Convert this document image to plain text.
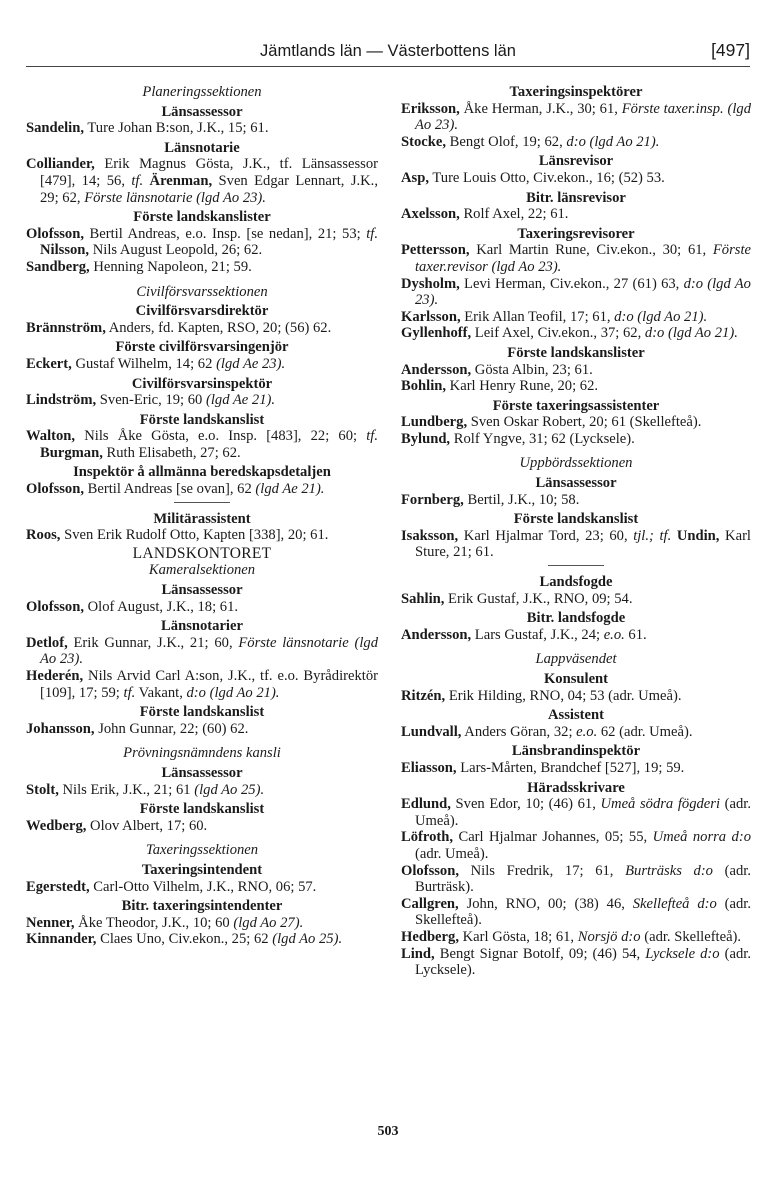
Jämtlands län — Västerbottens län	[497]
Planeringssektionen
Länsassessor
Sandelin, Ture Johan B:son, J.K., 15; 61.
Länsnotarie
Colliander, Erik Magnus Gösta, J.K., tf. Länsassessor [479], 14; 56, tf. Ärenman, Sven Edgar Lennart, J.K., 29; 62, Förste länsnotarie (lgd Ao 23).
Förste landskanslister
Olofsson, Bertil Andreas, e.o. Insp. [se nedan], 21; 53; tf. Nilsson, Nils August Leopold, 26; 62.
Sandberg, Henning Napoleon, 21; 59.
Civilförsvarssektionen
Civilförsvarsdirektör
Brännström, Anders, fd. Kapten, RSO, 20; (56) 62.
Förste civilförsvarsingenjör
Eckert, Gustaf Wilhelm, 14; 62 (lgd Ae 23).
Civilförsvarsinspektör
Lindström, Sven-Eric, 19; 60 (lgd Ae 21).
Förste landskanslist
Walton, Nils Åke Gösta, e.o. Insp. [483], 22; 60; tf. Burgman, Ruth Elisabeth, 27; 62.
Inspektör å allmänna beredskapsdetaljen
Olofsson, Bertil Andreas [se ovan], 62 (lgd Ae 21).
Militärassistent
Roos, Sven Erik Rudolf Otto, Kapten [338], 20; 61.
LANDSKONTORET
Kameralsektionen
Länsassessor
Olofsson, Olof August, J.K., 18; 61.
Länsnotarier
Detlof, Erik Gunnar, J.K., 21; 60, Förste länsnotarie (lgd Ao 23).
Hederén, Nils Arvid Carl A:son, J.K., tf. e.o. Byrådirektör [109], 17; 59; tf. Vakant, d:o (lgd Ao 21).
Förste landskanslist
Johansson, John Gunnar, 22; (60) 62.
Prövningsnämndens kansli
Länsassessor
Stolt, Nils Erik, J.K., 21; 61 (lgd Ao 25).
Förste landskanslist
Wedberg, Olov Albert, 17; 60.
Taxeringssektionen
Taxeringsintendent
Egerstedt, Carl-Otto Vilhelm, J.K., RNO, 06; 57.
Bitr. taxeringsintendenter
Nenner, Åke Theodor, J.K., 10; 60 (lgd Ao 27).
Kinnander, Claes Uno, Civ.ekon., 25; 62 (lgd Ao 25).
Taxeringsinspektörer
Eriksson, Åke Herman, J.K., 30; 61, Förste taxer.insp. (lgd Ao 23).
Stocke, Bengt Olof, 19; 62, d:o (lgd Ao 21).
Länsrevisor
Asp, Ture Louis Otto, Civ.ekon., 16; (52) 53.
Bitr. länsrevisor
Axelsson, Rolf Axel, 22; 61.
Taxeringsrevisorer
Pettersson, Karl Martin Rune, Civ.ekon., 30; 61, Förste taxer.revisor (lgd Ao 23).
Dysholm, Levi Herman, Civ.ekon., 27 (61) 63, d:o (lgd Ao 23).
Karlsson, Erik Allan Teofil, 17; 61, d:o (lgd Ao 21).
Gyllenhoff, Leif Axel, Civ.ekon., 37; 62, d:o (lgd Ao 21).
Förste landskanslister
Andersson, Gösta Albin, 23; 61.
Bohlin, Karl Henry Rune, 20; 62.
Förste taxeringsassistenter
Lundberg, Sven Oskar Robert, 20; 61 (Skellefteå).
Bylund, Rolf Yngve, 31; 62 (Lycksele).
Uppbördssektionen
Länsassessor
Fornberg, Bertil, J.K., 10; 58.
Förste landskanslist
Isaksson, Karl Hjalmar Tord, 23; 60, tjl.; tf. Undin, Karl Sture, 21; 61.
Landsfogde
Sahlin, Erik Gustaf, J.K., RNO, 09; 54.
Bitr. landsfogde
Andersson, Lars Gustaf, J.K., 24; e.o. 61.
Lappväsendet
Konsulent
Ritzén, Erik Hilding, RNO, 04; 53 (adr. Umeå).
Assistent
Lundvall, Anders Göran, 32; e.o. 62 (adr. Umeå).
Länsbrandinspektör
Eliasson, Lars-Mårten, Brandchef [527], 19; 59.
Häradsskrivare
Edlund, Sven Edor, 10; (46) 61, Umeå södra fögderi (adr. Umeå).
Löfroth, Carl Hjalmar Johannes, 05; 55, Umeå norra d:o (adr. Umeå).
Olofsson, Nils Fredrik, 17; 61, Burträsks d:o (adr. Burträsk).
Callgren, John, RNO, 00; (38) 46, Skellefteå d:o (adr. Skellefteå).
Hedberg, Karl Gösta, 18; 61, Norsjö d:o (adr. Skellefteå).
Lind, Bengt Signar Botolf, 09; (46) 54, Lycksele d:o (adr. Lycksele).
503
